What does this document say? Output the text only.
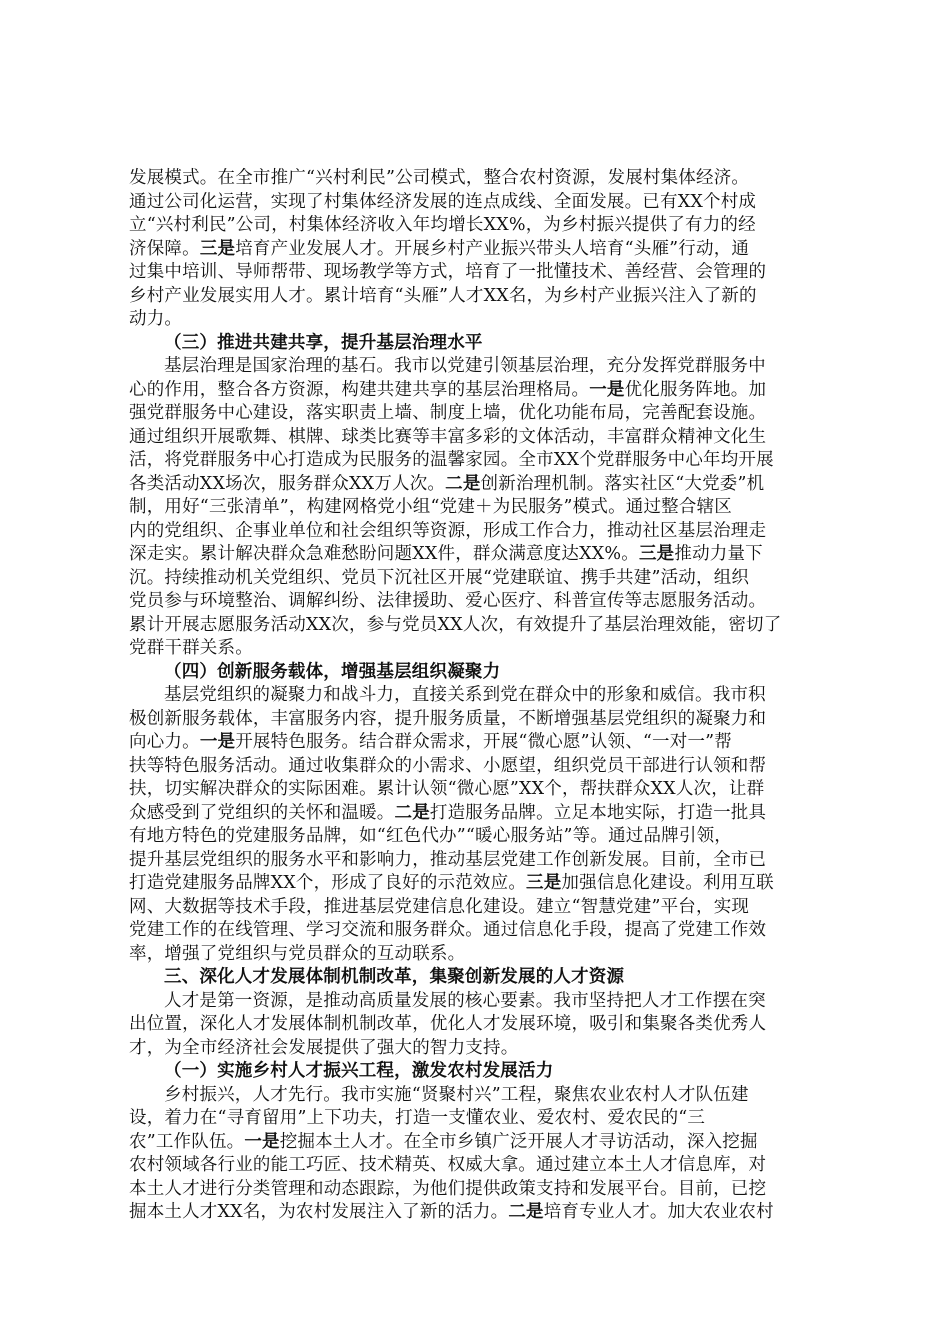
发展模式。在全市推广“兴村利民”公司模式，整合农村资源，发展村集体经济。
通过公司化运营，实现了村集体经济发展的连点成线、全面发展。已有XX个村成
立“兴村利民”公司，村集体经济收入年均增长XX%，为乡村振兴提供了有力的经
济保障。三是培育产业发展人才。开展乡村产业振兴带头人培育“头雁”行动，通
过集中培训、导师帮带、现场教学等方式，培育了一批懂技术、善经营、会管理的
乡村产业发展实用人才。累计培育“头雁”人才XX名，为乡村产业振兴注入了新的
动力。
（三）推进共建共享，提升基层治理水平
基层治理是国家治理的基石。我市以党建引领基层治理，充分发挥党群服务中
心的作用，整合各方资源，构建共建共享的基层治理格局。一是优化服务阵地。加
强党群服务中心建设，落实职责上墙、制度上墙，优化功能布局，完善配套设施。
通过组织开展歌舞、棋牌、球类比赛等丰富多彩的文体活动，丰富群众精神文化生
活，将党群服务中心打造成为民服务的温馨家园。全市XX个党群服务中心年均开展
各类活动XX场次，服务群众XX万人次。二是创新治理机制。落实社区“大党委”机
制，用好“三张清单”，构建网格党小组“党建＋为民服务”模式。通过整合辖区
内的党组织、企事业单位和社会组织等资源，形成工作合力，推动社区基层治理走
深走实。累计解决群众急难愁盼问题XX件，群众满意度达XX%。三是推动力量下
沉。持续推动机关党组织、党员下沉社区开展“党建联谊、携手共建”活动，组织
党员参与环境整治、调解纠纷、法律援助、爱心医疗、科普宣传等志愿服务活动。
累计开展志愿服务活动XX次，参与党员XX人次，有效提升了基层治理效能，密切了
党群干群关系。
（四）创新服务载体，增强基层组织凝聚力
基层党组织的凝聚力和战斗力，直接关系到党在群众中的形象和威信。我市积
极创新服务载体，丰富服务内容，提升服务质量，不断增强基层党组织的凝聚力和
向心力。一是开展特色服务。结合群众需求，开展“微心愿”认领、“一对一”帮
扶等特色服务活动。通过收集群众的小需求、小愿望，组织党员干部进行认领和帮
扶，切实解决群众的实际困难。累计认领“微心愿”XX个，帮扶群众XX人次，让群
众感受到了党组织的关怀和温暖。二是打造服务品牌。立足本地实际，打造一批具
有地方特色的党建服务品牌，如“红色代办”“暖心服务站”等。通过品牌引领，
提升基层党组织的服务水平和影响力，推动基层党建工作创新发展。目前，全市已
打造党建服务品牌XX个，形成了良好的示范效应。三是加强信息化建设。利用互联
网、大数据等技术手段，推进基层党建信息化建设。建立“智慧党建”平台，实现
党建工作的在线管理、学习交流和服务群众。通过信息化手段，提高了党建工作效
率，增强了党组织与党员群众的互动联系。
三、深化人才发展体制机制改革，集聚创新发展的人才资源
人才是第一资源，是推动高质量发展的核心要素。我市坚持把人才工作摆在突
出位置，深化人才发展体制机制改革，优化人才发展环境，吸引和集聚各类优秀人
才，为全市经济社会发展提供了强大的智力支持。
（一）实施乡村人才振兴工程，激发农村发展活力
乡村振兴，人才先行。我市实施“贤聚村兴”工程，聚焦农业农村人才队伍建
设，着力在“寻育留用”上下功夫，打造一支懂农业、爱农村、爱农民的“三
农”工作队伍。一是挖掘本土人才。在全市乡镇广泛开展人才寻访活动，深入挖掘
农村领域各行业的能工巧匠、技术精英、权威大拿。通过建立本土人才信息库，对
本土人才进行分类管理和动态跟踪，为他们提供政策支持和发展平台。目前，已挖
掘本土人才XX名，为农村发展注入了新的活力。二是培育专业人才。加大农业农村
